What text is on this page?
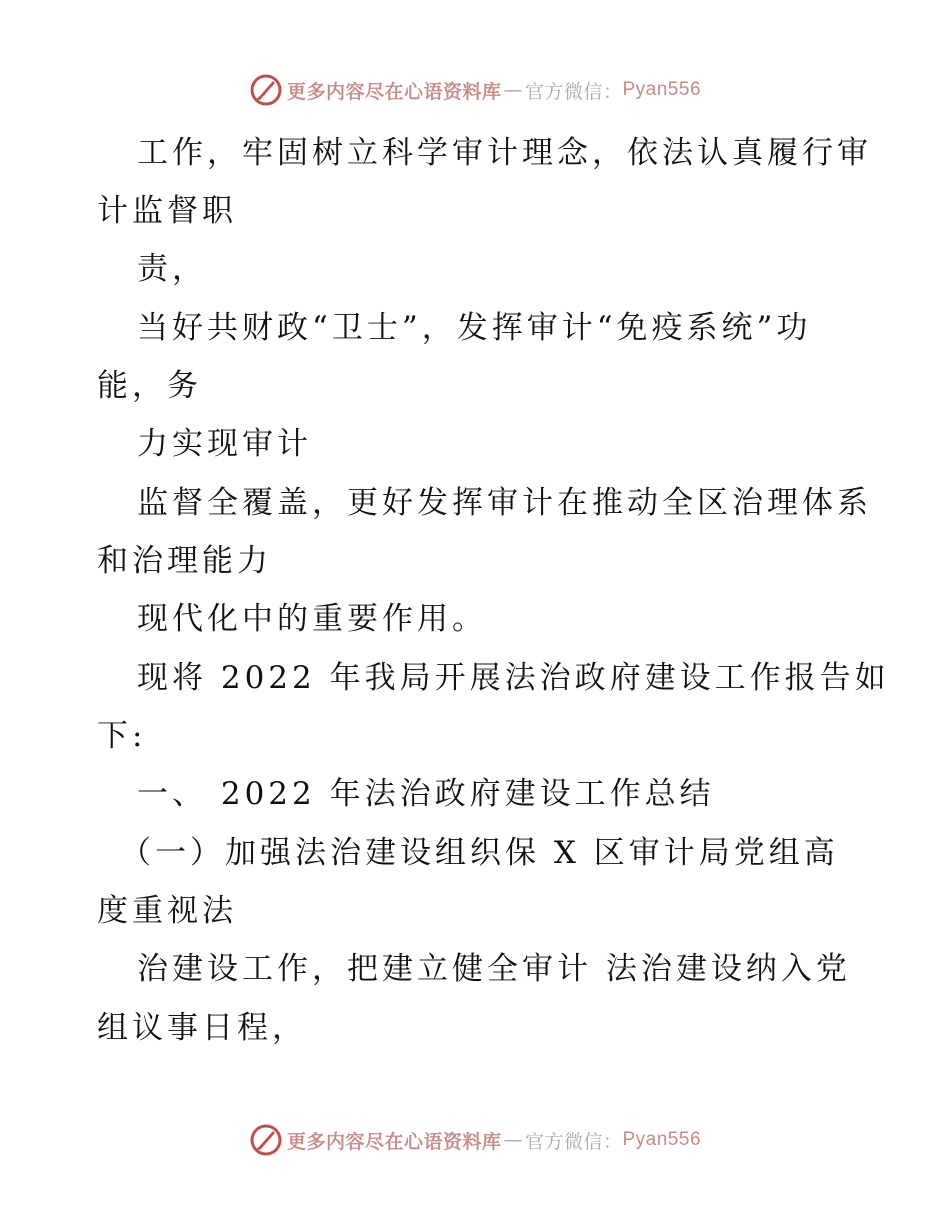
更多内容尽在心语资料库 — 官方微信： Pyan556
工作，牢固树立科学审计理念，依法认真履行审
计监督职
责，
当好共财政“卫士”，发挥审计“免疫系统”功
能，务
力实现审计
监督全覆盖，更好发挥审计在推动全区治理体系
和治理能力
现代化中的重要作用。
现将 2022 年我局开展法治政府建设工作报告如
下:
一、 2022 年法治政府建设工作总结
（一）加强法治建设组织保 X 区审计局党组高
度重视法
治建设工作，把建立健全审计 法治建设纳入党
组议事日程，
更多内容尽在心语资料库 — 官方微信： Pyan556
